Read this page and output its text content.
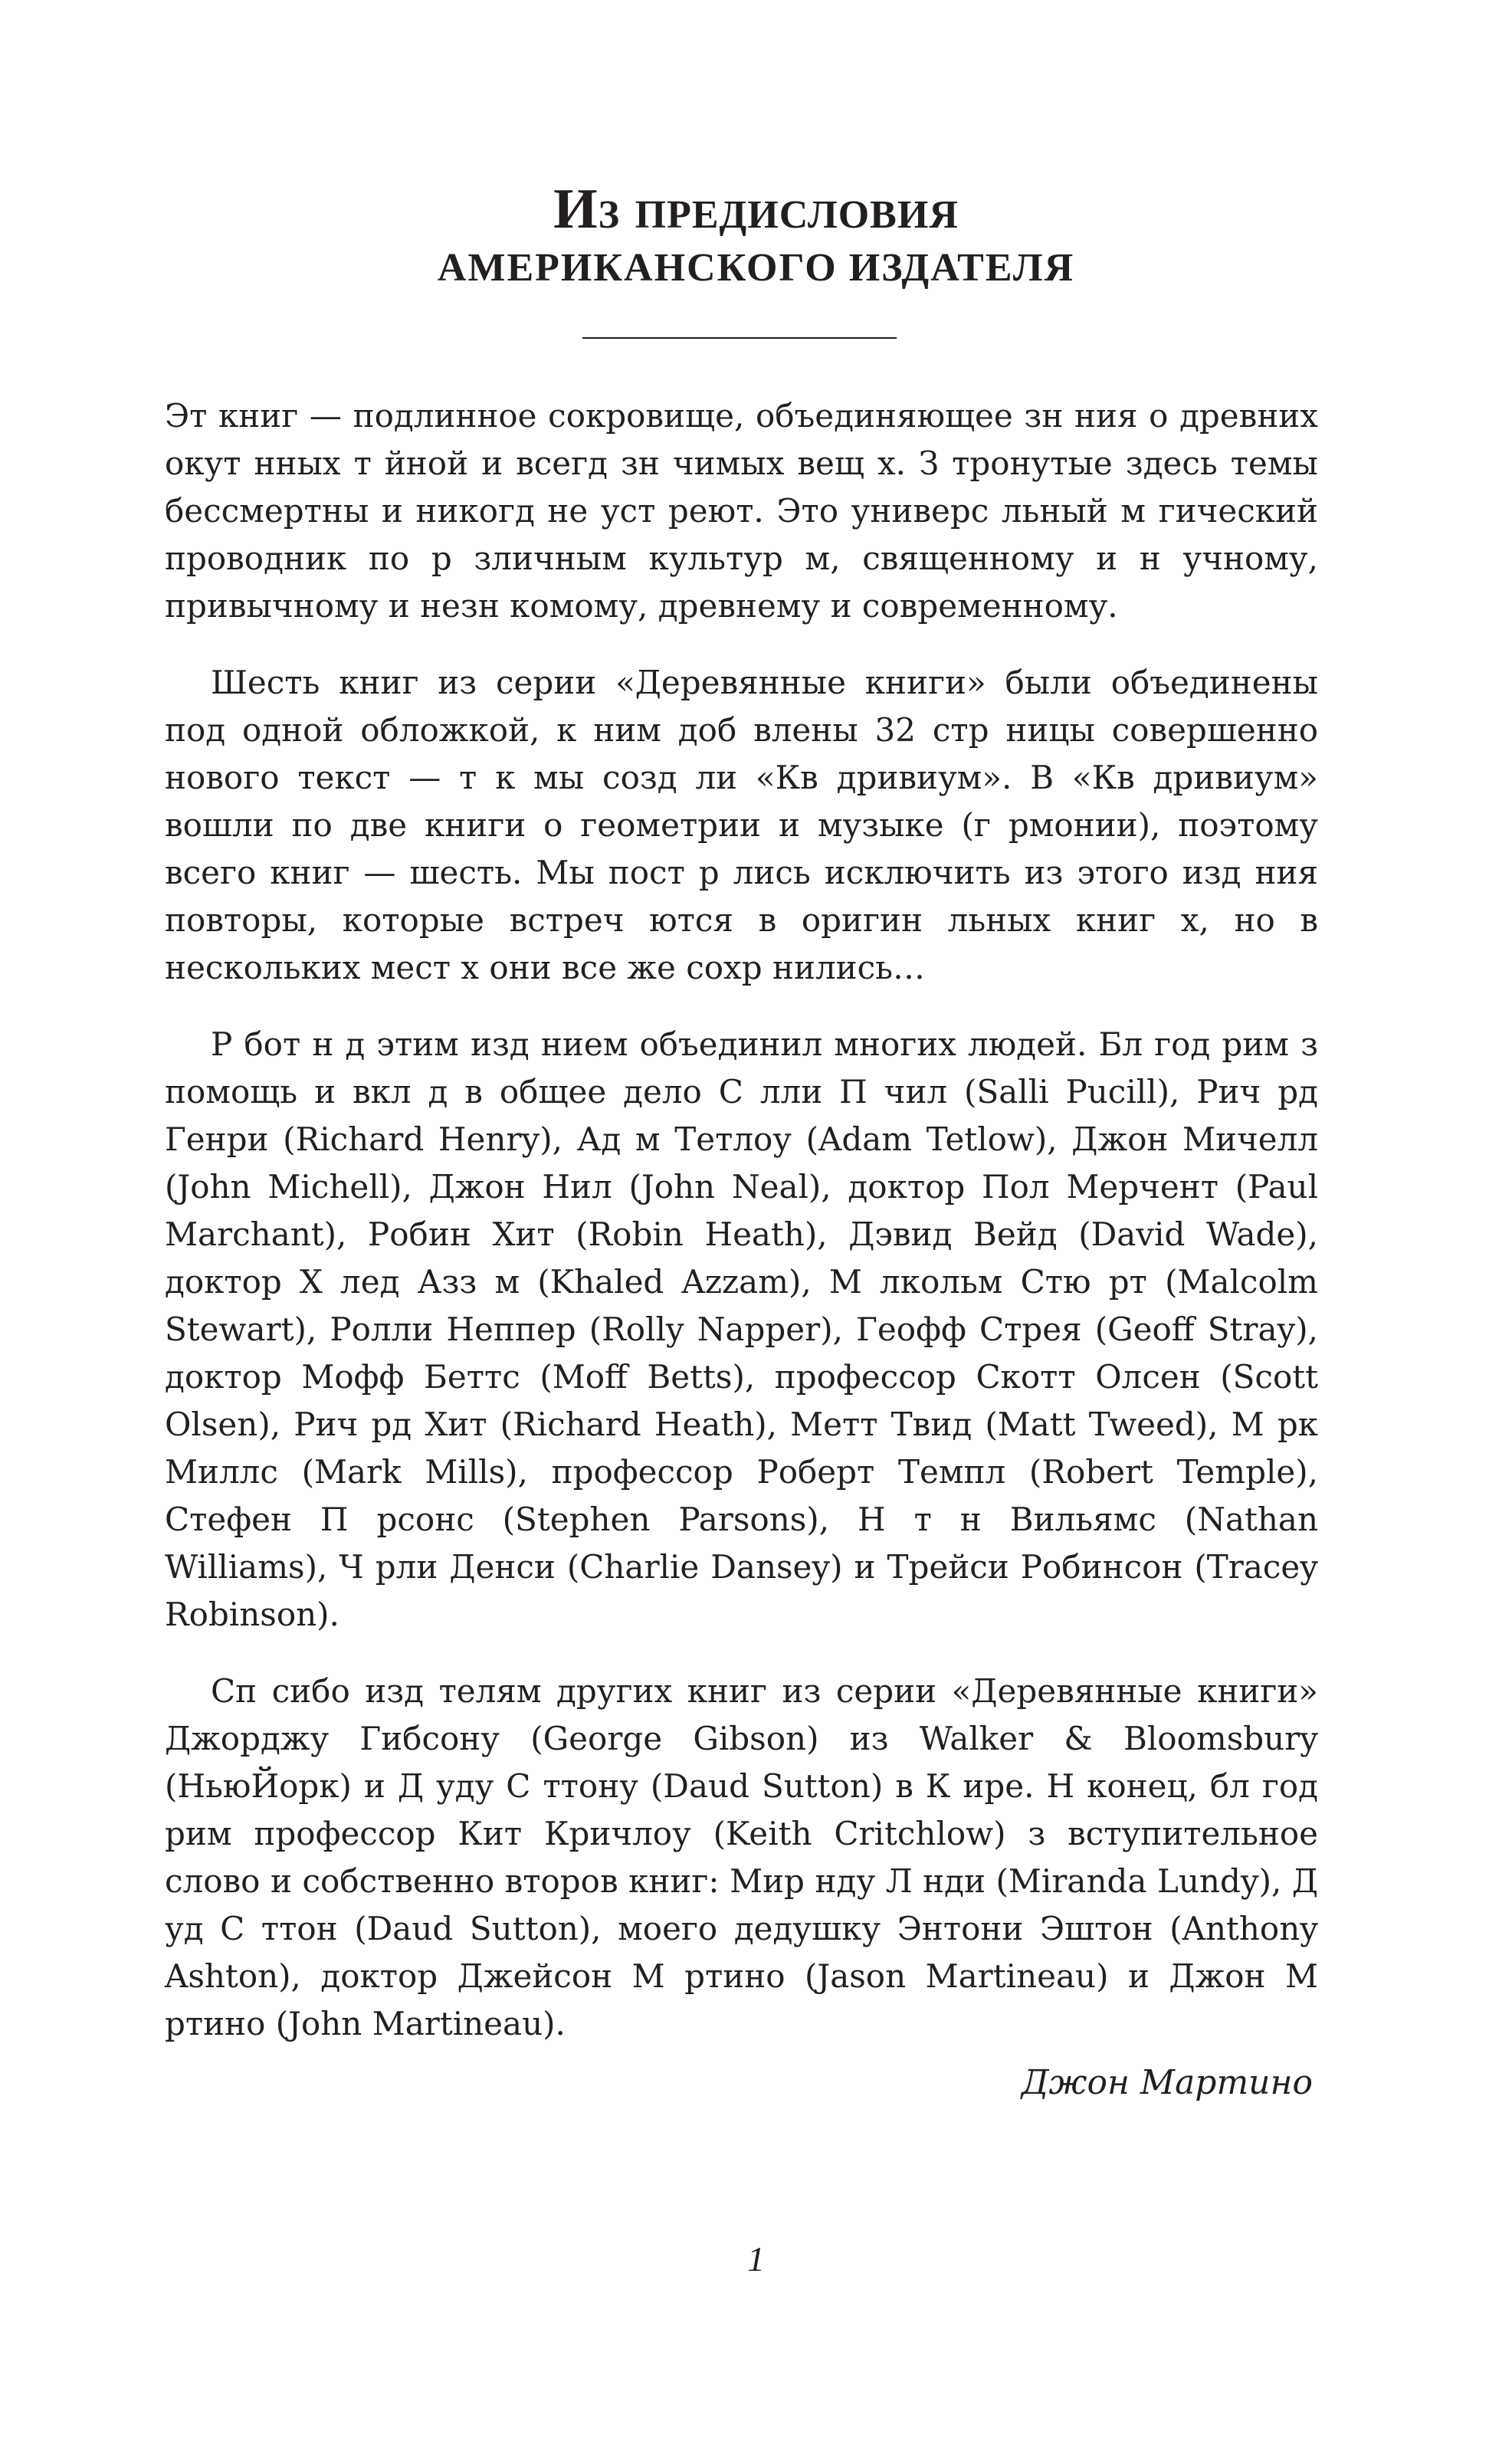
Из предисловия
АМЕРИКАНСКОГО ИЗДАТЕЛЯ

Эт книг — подлинное сокровище, объединяющее зн ния о древних окут нных т йной и всегд зн чимых вещ х. З тронутые здесь темы бессмертны и никогд не уст реют. Это универс льный м гический проводник по р зличным культур м, священному и н учному, привычному и незн комому, древнему и современному.

Шесть книг из серии «Деревянные книги» были объединены под одной обложкой, к ним доб влены 32 стр ницы совершенно нового текст — т к мы созд ли «Кв дривиум». В «Кв дривиум» вошли по две книги о геометрии и музыке (г рмонии), поэтому всего книг — шесть. Мы пост р лись исключить из этого изд ния повторы, которые встреч ются в оригин льных книг х, но в нескольких мест х они все же сохр нились…

Р бот н д этим изд нием объединил многих людей. Бл год рим з помощь и вкл д в общее дело С лли П чил (Salli Pucill), Рич рд Генри (Richard Henry), Ад м Тетлоу (Adam Tetlow), Джон Мичелл (John Michell), Джон Нил (John Neal), доктор Пол Мерчент (Paul Marchant), Робин Хит (Robin Heath), Дэвид Вейд (David Wade), доктор Х лед Азз м (Khaled Azzam), М лкольм Стю рт (Malcolm Stewart), Ролли Неппер (Rolly Napper), Геофф Стрея (Geoff Stray), доктор Мофф Беттс (Moff Betts), профессор Скотт Олсен (Scott Olsen), Рич рд Хит (Richard Heath), Метт Твид (Matt Tweed), М рк Миллс (Mark Mills), профессор Роберт Темпл (Robert Temple), Стефен П рсонс (Stephen Parsons), Н т н Вильямс (Nathan Williams), Ч рли Денси (Charlie Dansey) и Трейси Робинсон (Tracey Robinson).

Сп сибо изд телям других книг из серии «Деревянные книги» Джорджу Гибсону (George Gibson) из Walker & Bloomsbury (НьюЙорк) и Д уду С ттону (Daud Sutton) в К ире. Н конец, бл год рим профессор Кит Кричлоу (Keith Critchlow) з вступительное слово и собственно второв книг: Мир нду Л нди (Miranda Lundy), Д уд С ттон (Daud Sutton), моего дедушку Энтони Эштон (Anthony Ashton), доктор Джейсон М ртино (Jason Martineau) и Джон М ртино (John Martineau).

Джон Мартино
1
